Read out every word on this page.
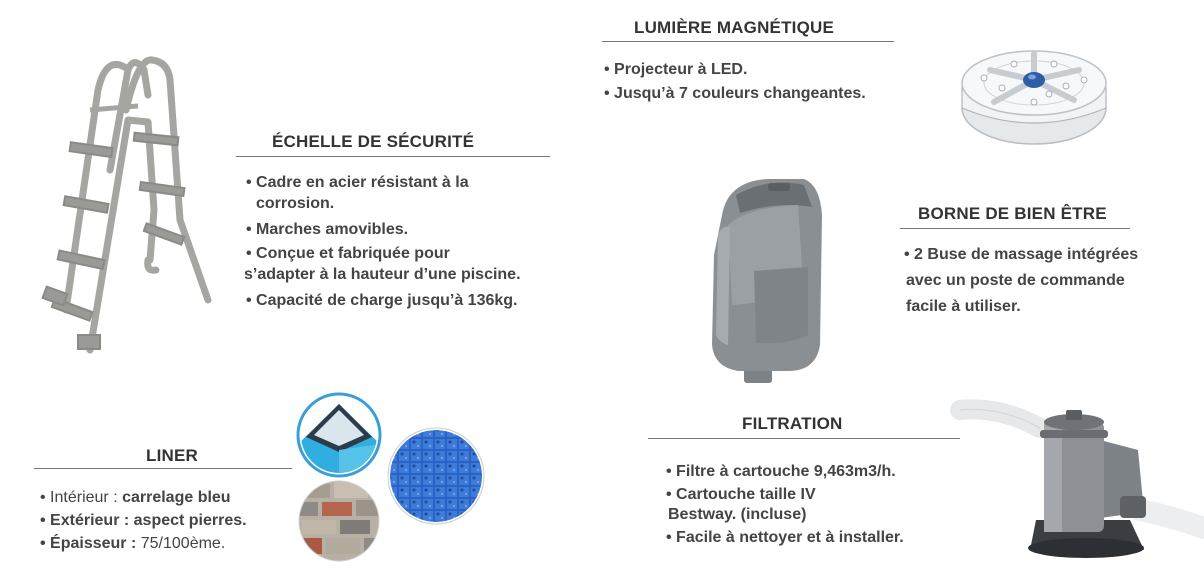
ÉCHELLE DE SÉCURITÉ
• Cadre en acier résistant à la
corrosion.
• Marches amovibles.
• Conçue et fabriquée pour
s’adapter à la hauteur d’une piscine.
• Capacité de charge jusqu’à 136kg.
LUMIÈRE MAGNÉTIQUE
• Projecteur à LED.
• Jusqu’à 7 couleurs changeantes.
BORNE DE BIEN ÊTRE
• 2 Buse de massage intégrées
avec un poste de commande
facile à utiliser.
LINER
• Intérieur : carrelage bleu
• Extérieur : aspect pierres.
• Épaisseur : 75/100ème.
FILTRATION
• Filtre à cartouche 9,463m3/h.
• Cartouche taille IV
Bestway. (incluse)
• Facile à nettoyer et à installer.
